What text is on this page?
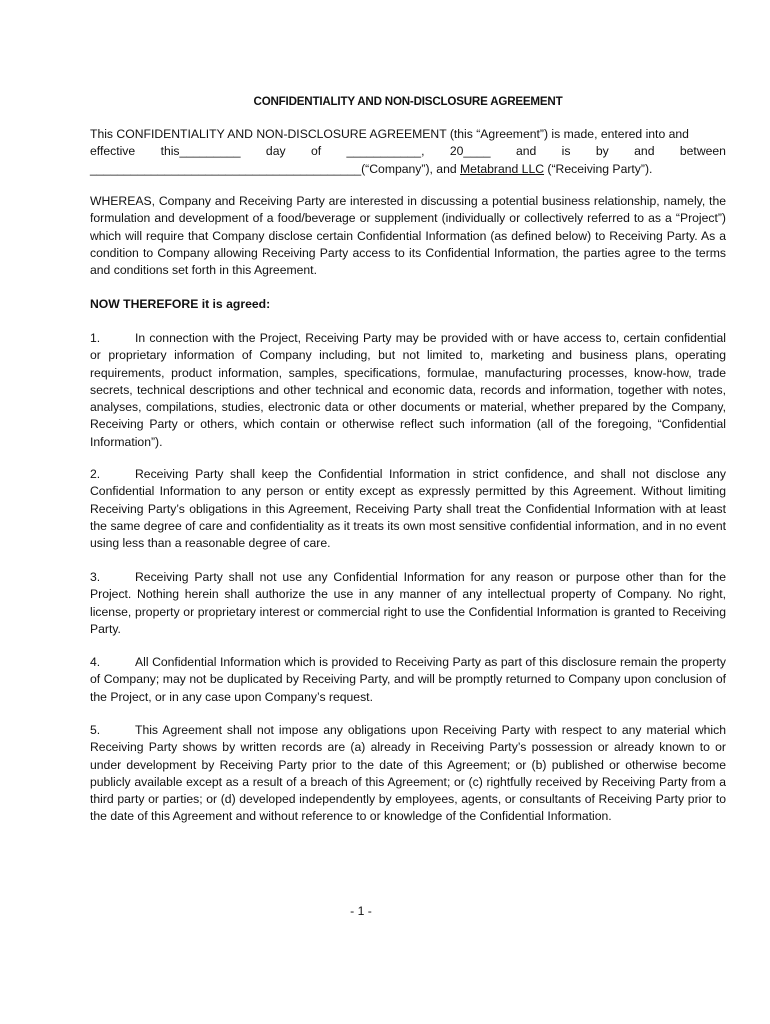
CONFIDENTIALITY AND NON-DISCLOSURE AGREEMENT
This CONFIDENTIALITY AND NON-DISCLOSURE AGREEMENT (this “Agreement”) is made, entered into and
effective this_________ day of ___________, 20____ and is by and between
________________________________________(“Company”), and Metabrand LLC (“Receiving Party”).

WHEREAS, Company and Receiving Party are interested in discussing a potential business relationship, namely, the formulation and development of a food/beverage or supplement (individually or collectively referred to as a “Project”) which will require that Company disclose certain Confidential Information (as defined below) to Receiving Party. As a condition to Company allowing Receiving Party access to its Confidential Information, the parties agree to the terms and conditions set forth in this Agreement.

NOW THEREFORE it is agreed:

1.	In connection with the Project, Receiving Party may be provided with or have access to, certain confidential or proprietary information of Company including, but not limited to, marketing and business plans, operating requirements, product information, samples, specifications, formulae, manufacturing processes, know-how, trade secrets, technical descriptions and other technical and economic data, records and information, together with notes, analyses, compilations, studies, electronic data or other documents or material, whether prepared by the Company, Receiving Party or others, which contain or otherwise reflect such information (all of the foregoing, “Confidential Information”).

2.	Receiving Party shall keep the Confidential Information in strict confidence, and shall not disclose any Confidential Information to any person or entity except as expressly permitted by this Agreement. Without limiting Receiving Party’s obligations in this Agreement, Receiving Party shall treat the Confidential Information with at least the same degree of care and confidentiality as it treats its own most sensitive confidential information, and in no event using less than a reasonable degree of care.

3.	Receiving Party shall not use any Confidential Information for any reason or purpose other than for the Project. Nothing herein shall authorize the use in any manner of any intellectual property of Company. No right, license, property or proprietary interest or commercial right to use the Confidential Information is granted to Receiving Party.

4.	All Confidential Information which is provided to Receiving Party as part of this disclosure remain the property of Company; may not be duplicated by Receiving Party, and will be promptly returned to Company upon conclusion of the Project, or in any case upon Company’s request.

5.	This Agreement shall not impose any obligations upon Receiving Party with respect to any material which Receiving Party shows by written records are (a) already in Receiving Party’s possession or already known to or under development by Receiving Party prior to the date of this Agreement; or (b) published or otherwise become publicly available except as a result of a breach of this Agreement; or (c) rightfully received by Receiving Party from a third party or parties; or (d) developed independently by employees, agents, or consultants of Receiving Party prior to the date of this Agreement and without reference to or knowledge of the Confidential Information.

- 1 -
